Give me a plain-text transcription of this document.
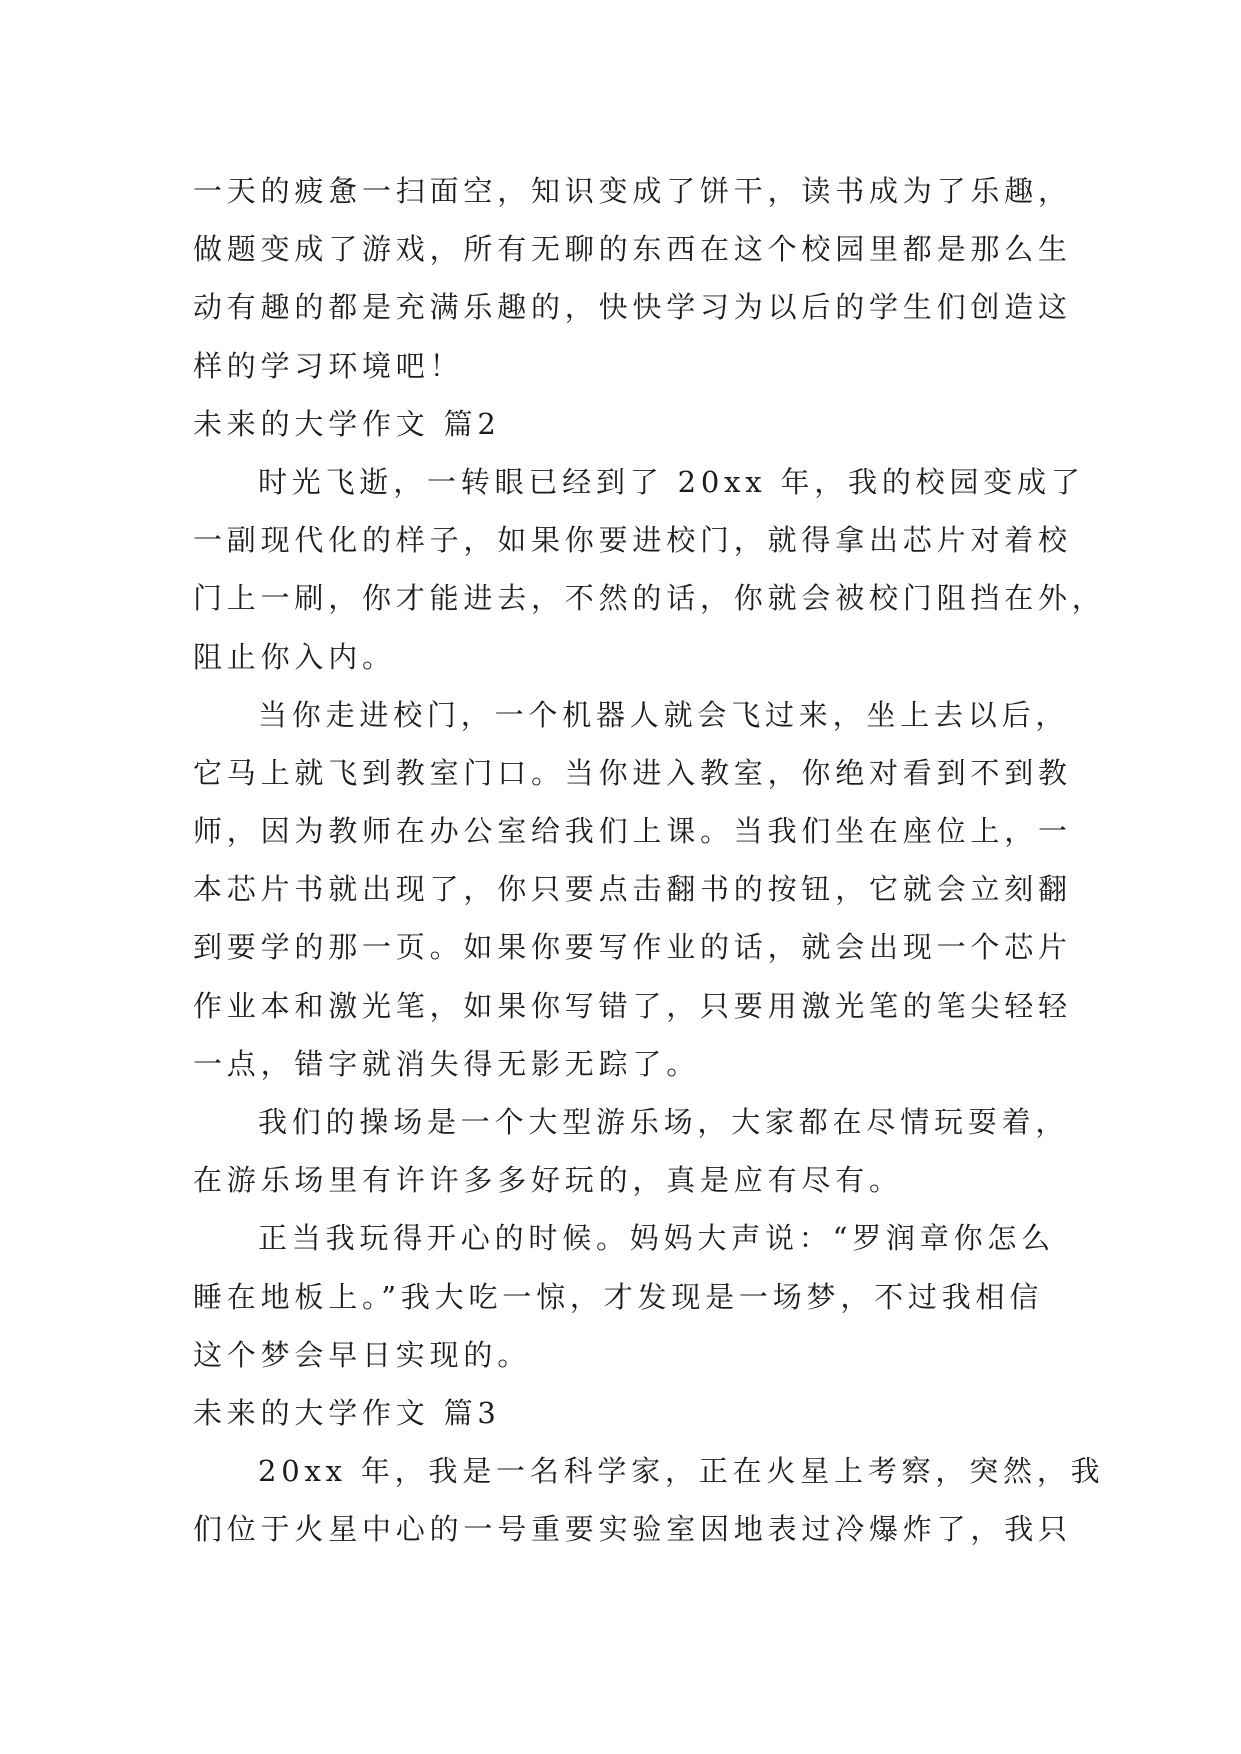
一天的疲惫一扫面空，知识变成了饼干，读书成为了乐趣，
做题变成了游戏，所有无聊的东西在这个校园里都是那么生
动有趣的都是充满乐趣的，快快学习为以后的学生们创造这
样的学习环境吧！
未来的大学作文 篇2
时光飞逝，一转眼已经到了 20xx 年，我的校园变成了
一副现代化的样子，如果你要进校门，就得拿出芯片对着校
门上一刷，你才能进去，不然的话，你就会被校门阻挡在外，
阻止你入内。
当你走进校门，一个机器人就会飞过来，坐上去以后，
它马上就飞到教室门口。当你进入教室，你绝对看到不到教
师，因为教师在办公室给我们上课。当我们坐在座位上，一
本芯片书就出现了，你只要点击翻书的按钮，它就会立刻翻
到要学的那一页。如果你要写作业的话，就会出现一个芯片
作业本和激光笔，如果你写错了，只要用激光笔的笔尖轻轻
一点，错字就消失得无影无踪了。
我们的操场是一个大型游乐场，大家都在尽情玩耍着，
在游乐场里有许许多多好玩的，真是应有尽有。
正当我玩得开心的时候。妈妈大声说：“罗润章你怎么
睡在地板上。”我大吃一惊，才发现是一场梦，不过我相信
这个梦会早日实现的。
未来的大学作文 篇3
20xx 年，我是一名科学家，正在火星上考察，突然，我
们位于火星中心的一号重要实验室因地表过冷爆炸了，我只
